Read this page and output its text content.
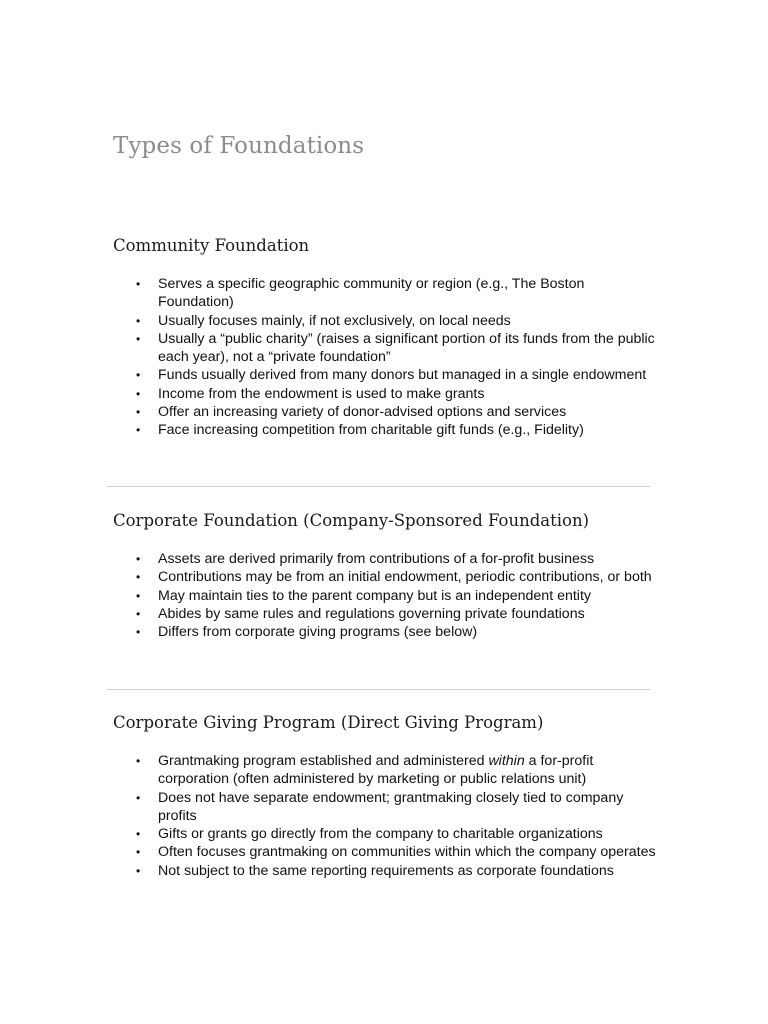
Types of Foundations
Community Foundation
• Serves a specific geographic community or region (e.g., The Boston Foundation)
• Usually focuses mainly, if not exclusively, on local needs
• Usually a “public charity” (raises a significant portion of its funds from the public each year), not a “private foundation”
• Funds usually derived from many donors but managed in a single endowment
• Income from the endowment is used to make grants
• Offer an increasing variety of donor-advised options and services
• Face increasing competition from charitable gift funds (e.g., Fidelity)
Corporate Foundation (Company-Sponsored Foundation)
• Assets are derived primarily from contributions of a for-profit business
• Contributions may be from an initial endowment, periodic contributions, or both
• May maintain ties to the parent company but is an independent entity
• Abides by same rules and regulations governing private foundations
• Differs from corporate giving programs (see below)
Corporate Giving Program (Direct Giving Program)
• Grantmaking program established and administered within a for-profit corporation (often administered by marketing or public relations unit)
• Does not have separate endowment; grantmaking closely tied to company profits
• Gifts or grants go directly from the company to charitable organizations
• Often focuses grantmaking on communities within which the company operates
• Not subject to the same reporting requirements as corporate foundations
